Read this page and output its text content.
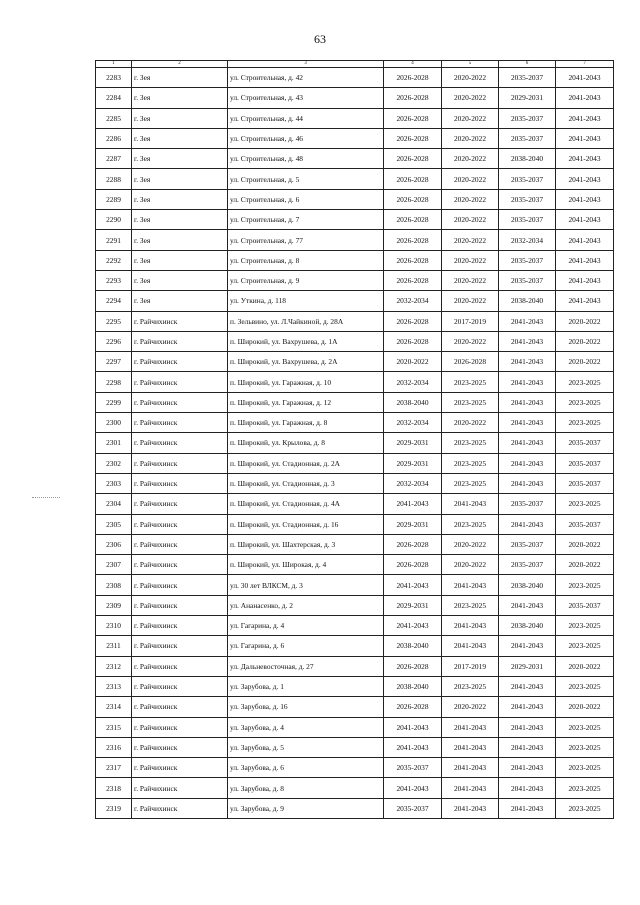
63
1	2	3	4	5	6	7
2283	г. Зея	ул. Строительная, д. 42	2026-2028	2020-2022	2035-2037	2041-2043
2284	г. Зея	ул. Строительная, д. 43	2026-2028	2020-2022	2029-2031	2041-2043
2285	г. Зея	ул. Строительная, д. 44	2026-2028	2020-2022	2035-2037	2041-2043
2286	г. Зея	ул. Строительная, д. 46	2026-2028	2020-2022	2035-2037	2041-2043
2287	г. Зея	ул. Строительная, д. 48	2026-2028	2020-2022	2038-2040	2041-2043
2288	г. Зея	ул. Строительная, д. 5	2026-2028	2020-2022	2035-2037	2041-2043
2289	г. Зея	ул. Строительная, д. 6	2026-2028	2020-2022	2035-2037	2041-2043
2290	г. Зея	ул. Строительная, д. 7	2026-2028	2020-2022	2035-2037	2041-2043
2291	г. Зея	ул. Строительная, д. 77	2026-2028	2020-2022	2032-2034	2041-2043
2292	г. Зея	ул. Строительная, д. 8	2026-2028	2020-2022	2035-2037	2041-2043
2293	г. Зея	ул. Строительная, д. 9	2026-2028	2020-2022	2035-2037	2041-2043
2294	г. Зея	ул. Уткина, д. 118	2032-2034	2020-2022	2038-2040	2041-2043
2295	г. Райчихинск	п. Зельвино, ул. Л.Чайкиной, д. 28А	2026-2028	2017-2019	2041-2043	2020-2022
2296	г. Райчихинск	п. Широкий, ул. Вахрушева, д. 1А	2026-2028	2020-2022	2041-2043	2020-2022
2297	г. Райчихинск	п. Широкий, ул. Вахрушева, д. 2А	2020-2022	2026-2028	2041-2043	2020-2022
2298	г. Райчихинск	п. Широкий, ул. Гаражная, д. 10	2032-2034	2023-2025	2041-2043	2023-2025
2299	г. Райчихинск	п. Широкий, ул. Гаражная, д. 12	2038-2040	2023-2025	2041-2043	2023-2025
2300	г. Райчихинск	п. Широкий, ул. Гаражная, д. 8	2032-2034	2020-2022	2041-2043	2023-2025
2301	г. Райчихинск	п. Широкий, ул. Крылова, д. 8	2029-2031	2023-2025	2041-2043	2035-2037
2302	г. Райчихинск	п. Широкий, ул. Стадионная, д. 2А	2029-2031	2023-2025	2041-2043	2035-2037
2303	г. Райчихинск	п. Широкий, ул. Стадионная, д. 3	2032-2034	2023-2025	2041-2043	2035-2037
2304	г. Райчихинск	п. Широкий, ул. Стадионная, д. 4А	2041-2043	2041-2043	2035-2037	2023-2025
2305	г. Райчихинск	п. Широкий, ул. Стадионная, д. 16	2029-2031	2023-2025	2041-2043	2035-2037
2306	г. Райчихинск	п. Широкий, ул. Шахтерская, д. 3	2026-2028	2020-2022	2035-2037	2020-2022
2307	г. Райчихинск	п. Широкий, ул. Широкая, д. 4	2026-2028	2020-2022	2035-2037	2020-2022
2308	г. Райчихинск	ул. 30 лет ВЛКСМ, д. 3	2041-2043	2041-2043	2038-2040	2023-2025
2309	г. Райчихинск	ул. Ананасенко, д. 2	2029-2031	2023-2025	2041-2043	2035-2037
2310	г. Райчихинск	ул. Гагарина, д. 4	2041-2043	2041-2043	2038-2040	2023-2025
2311	г. Райчихинск	ул. Гагарина, д. 6	2038-2040	2041-2043	2041-2043	2023-2025
2312	г. Райчихинск	ул. Дальневосточная, д. 27	2026-2028	2017-2019	2029-2031	2020-2022
2313	г. Райчихинск	ул. Зарубова, д. 1	2038-2040	2023-2025	2041-2043	2023-2025
2314	г. Райчихинск	ул. Зарубова, д. 16	2026-2028	2020-2022	2041-2043	2020-2022
2315	г. Райчихинск	ул. Зарубова, д. 4	2041-2043	2041-2043	2041-2043	2023-2025
2316	г. Райчихинск	ул. Зарубова, д. 5	2041-2043	2041-2043	2041-2043	2023-2025
2317	г. Райчихинск	ул. Зарубова, д. 6	2035-2037	2041-2043	2041-2043	2023-2025
2318	г. Райчихинск	ул. Зарубова, д. 8	2041-2043	2041-2043	2041-2043	2023-2025
2319	г. Райчихинск	ул. Зарубова, д. 9	2035-2037	2041-2043	2041-2043	2023-2025
